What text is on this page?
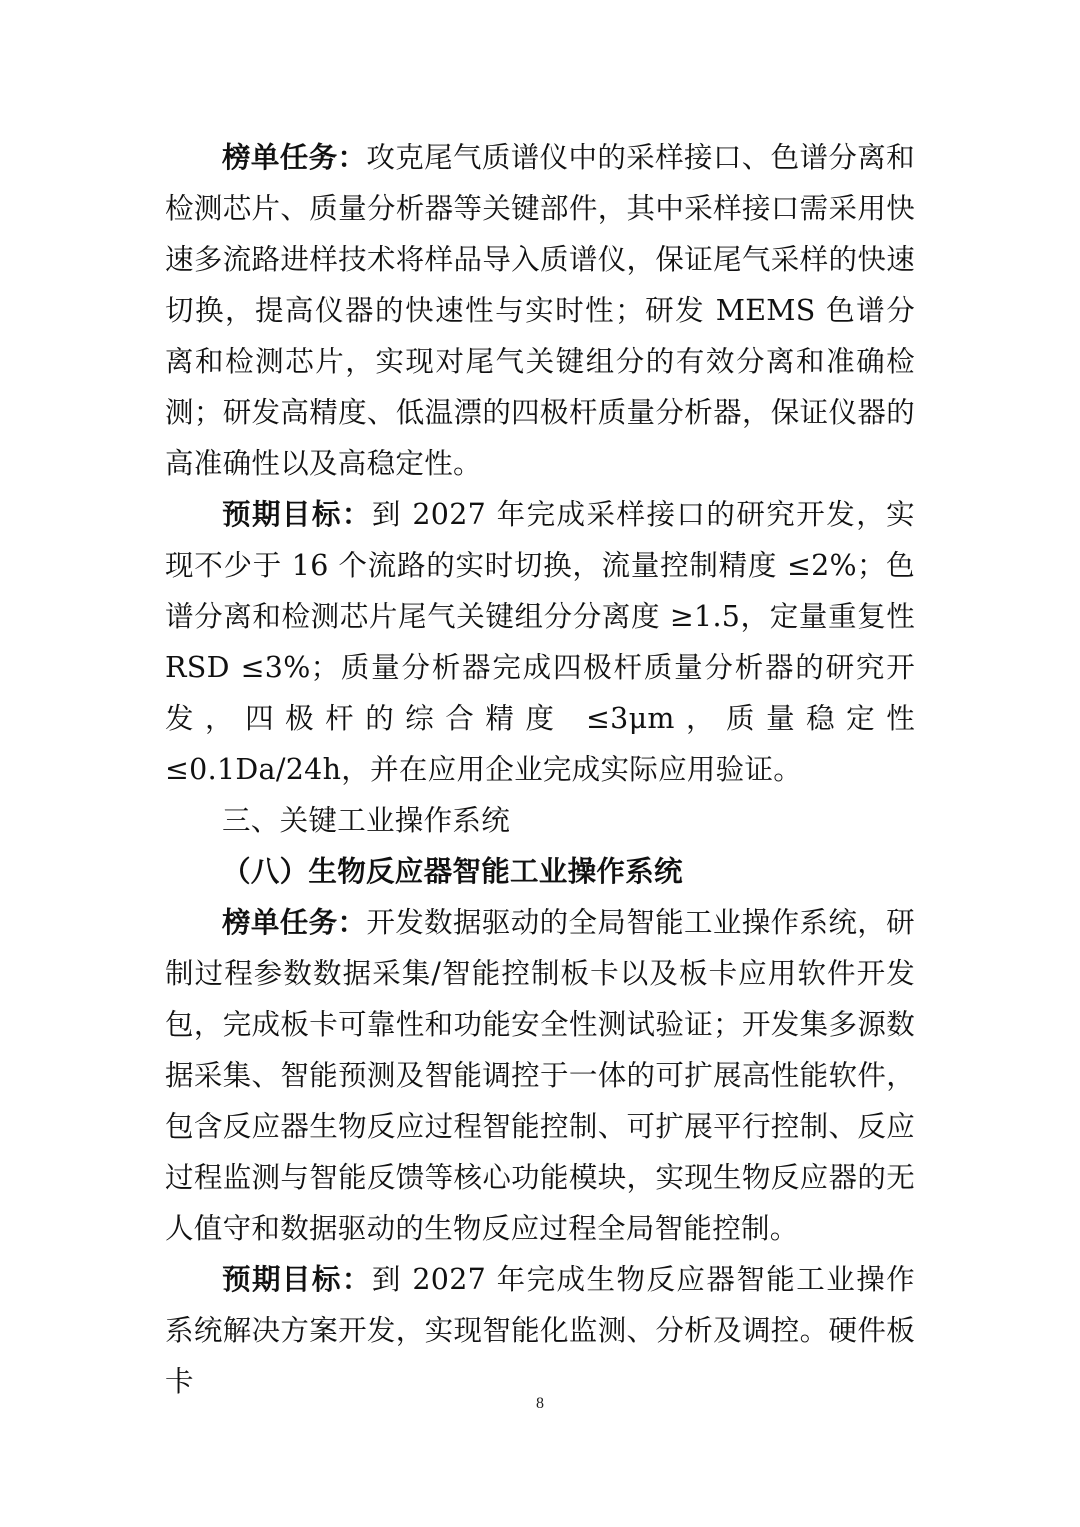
榜单任务：攻克尾气质谱仪中的采样接口、色谱分离和检测芯片、质量分析器等关键部件，其中采样接口需采用快速多流路进样技术将样品导入质谱仪，保证尾气采样的快速切换，提高仪器的快速性与实时性；研发 MEMS 色谱分离和检测芯片，实现对尾气关键组分的有效分离和准确检测；研发高精度、低温漂的四极杆质量分析器，保证仪器的高准确性以及高稳定性。

预期目标：到 2027 年完成采样接口的研究开发，实现不少于 16 个流路的实时切换，流量控制精度 ≤2%；色谱分离和检测芯片尾气关键组分分离度 ≥1.5，定量重复性 RSD ≤3%；质量分析器完成四极杆质量分析器的研究开发，四极杆的综合精度 ≤3μm，质量稳定性 ≤0.1Da/24h，并在应用企业完成实际应用验证。

三、关键工业操作系统

（八）生物反应器智能工业操作系统

榜单任务：开发数据驱动的全局智能工业操作系统，研制过程参数数据采集/智能控制板卡以及板卡应用软件开发包，完成板卡可靠性和功能安全性测试验证；开发集多源数据采集、智能预测及智能调控于一体的可扩展高性能软件，包含反应器生物反应过程智能控制、可扩展平行控制、反应过程监测与智能反馈等核心功能模块，实现生物反应器的无人值守和数据驱动的生物反应过程全局智能控制。

预期目标：到 2027 年完成生物反应器智能工业操作系统解决方案开发，实现智能化监测、分析及调控。硬件板卡

8
